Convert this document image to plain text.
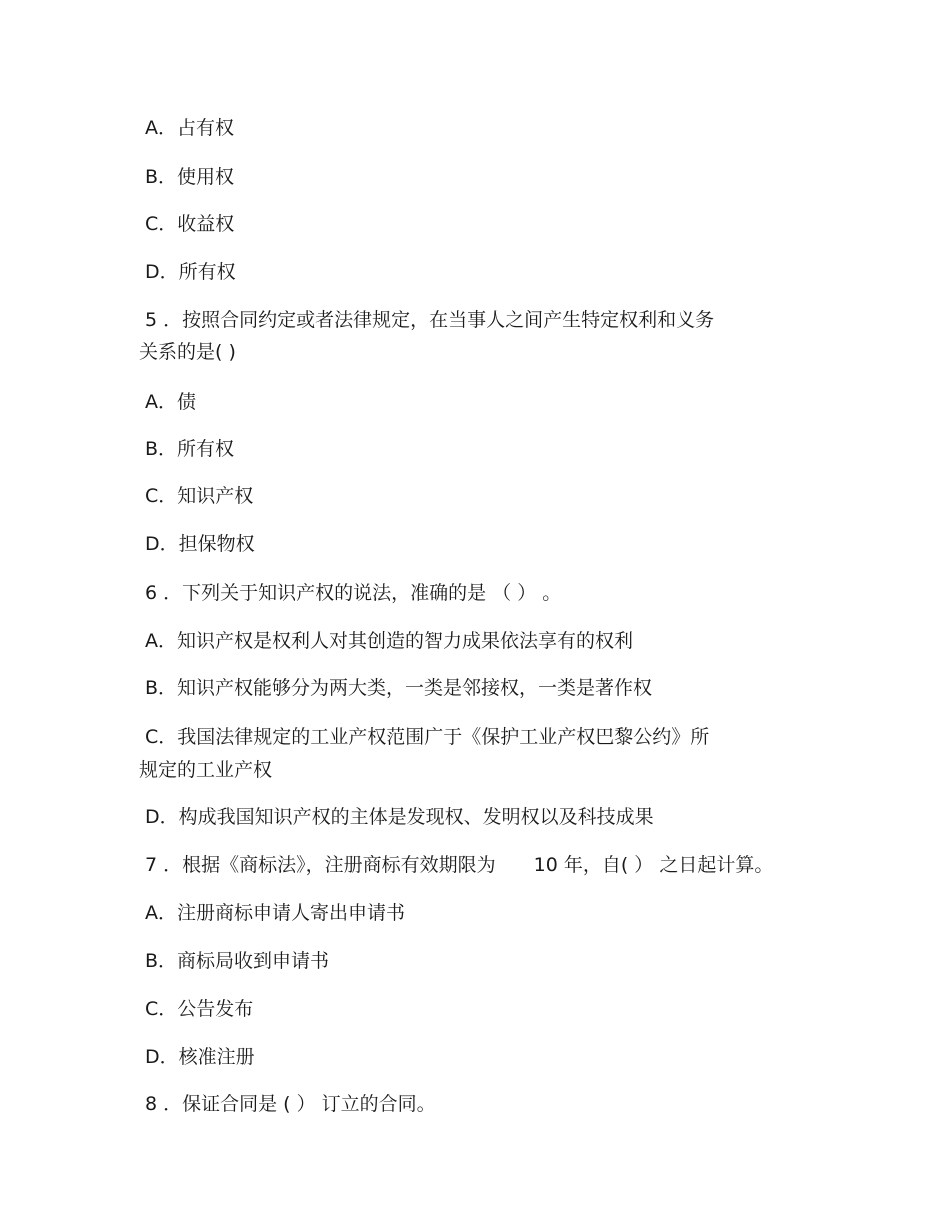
A．占有权
B．使用权
C．收益权
D．所有权
5 ．按照合同约定或者法律规定，在当事人之间产生特定权利和义务
关系的是( )
A．债
B．所有权
C．知识产权
D．担保物权
6 ．下列关于知识产权的说法，准确的是 （ ） 。
A．知识产权是权利人对其创造的智力成果依法享有的权利
B．知识产权能够分为两大类，一类是邻接权，一类是著作权
C．我国法律规定的工业产权范围广于《保护工业产权巴黎公约》所
规定的工业产权
D．构成我国知识产权的主体是发现权、发明权以及科技成果
7 ．根据《商标法》，注册商标有效期限为 10 年，自( ） 之日起计算。
A．注册商标申请人寄出申请书
B．商标局收到申请书
C．公告发布
D．核准注册
8 ．保证合同是 ( ） 订立的合同。
